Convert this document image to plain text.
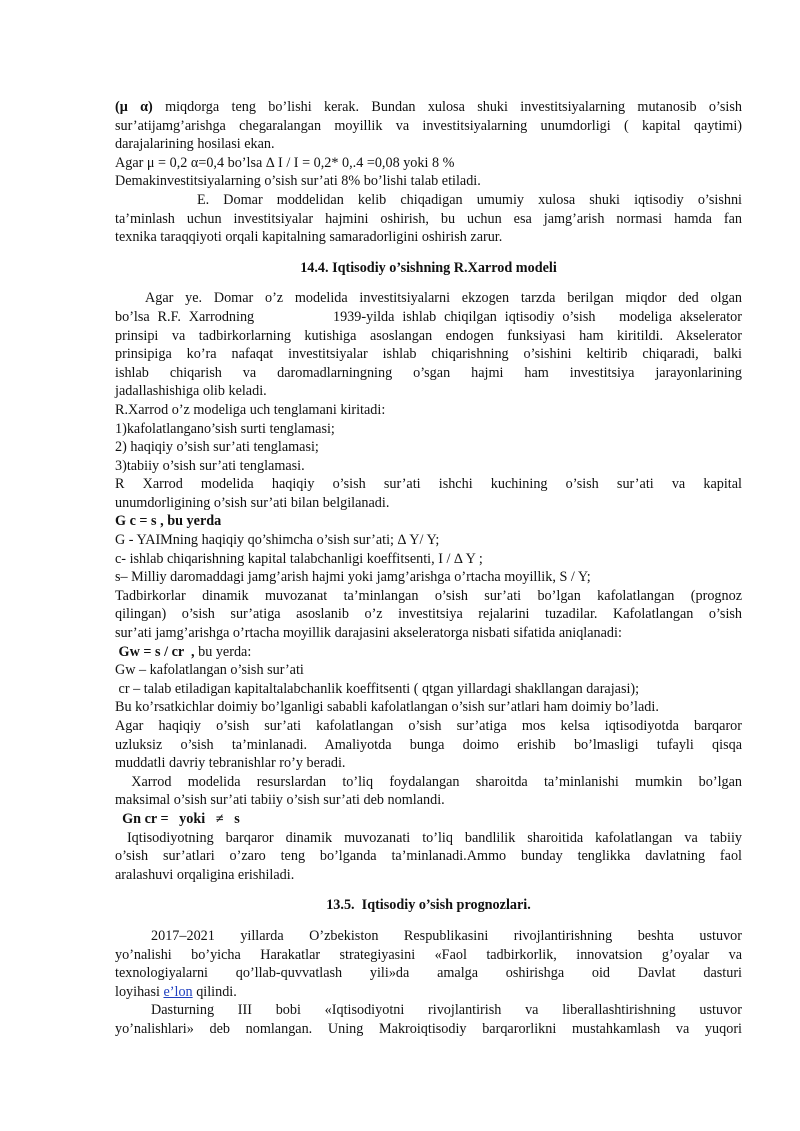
(μ α) miqdorga teng bo’lishi kerak. Bundan xulosa shuki investitsiyalarning mutanosib o’sish

sur’atijamg’arishga chegaralangan moyillik va investitsiyalarning unumdorligi ( kapital qaytimi)

darajalarining hosilasi ekan.

Agar μ = 0,2 α=0,4 bo’lsa ∆ I / I = 0,2* 0,.4 =0,08 yoki 8 %

Demakinvestitsiyalarning o’sish sur’ati 8% bo’lishi talab etiladi.

E. Domar moddelidan kelib chiqadigan umumiy xulosa shuki iqtisodiy o’sishni

ta’minlash uchun investitsiyalar hajmini oshirish, bu uchun esa jamg’arish normasi hamda fan

texnika taraqqiyoti orqali kapitalning samaradorligini oshirish zarur.

14.4. Iqtisodiy o’sishning R.Xarrod modeli

Agar ye. Domar o’z modelida investitsiyalarni ekzogen tarzda berilgan miqdor ded olgan

bo’lsa R.F. Xarrodning          1939-yilda ishlab chiqilgan iqtisodiy o’sish   modeliga akselerator

prinsipi va tadbirkorlarning kutishiga asoslangan endogen funksiyasi ham kiritildi. Akselerator

prinsipiga ko’ra nafaqat investitsiyalar ishlab chiqarishning o’sishini keltirib chiqaradi, balki

ishlab chiqarish va daromadlarningning o’sgan hajmi ham investitsiya jarayonlarining

jadallashishiga olib keladi.

R.Xarrod o’z modeliga uch tenglamani kiritadi:

1)kafolatlangano’sish surti tenglamasi;

2) haqiqiy o’sish sur’ati tenglamasi;

3)tabiiy o’sish sur’ati tenglamasi.

R Xarrod modelida haqiqiy o’sish sur’ati ishchi kuchining o’sish sur’ati va kapital

unumdorligining o’sish sur’ati bilan belgilanadi.

G c = s , bu yerda

G - YAIMning haqiqiy qo’shimcha o’sish sur’ati; ∆ Y/ Y;

c- ishlab chiqarishning kapital talabchanligi koeffitsenti, I / ∆ Y ;

s– Milliy daromaddagi jamg’arish hajmi yoki jamg’arishga o’rtacha moyillik, S / Y;

Tadbirkorlar dinamik muvozanat ta’minlangan o’sish sur’ati bo’lgan kafolatlangan (prognoz

qilingan) o’sish sur’atiga asoslanib o’z investitsiya rejalarini tuzadilar. Kafolatlangan o’sish

sur’ati jamg’arishga o’rtacha moyillik darajasini akseleratorga nisbati sifatida aniqlanadi:

Gw = s / cr  , bu yerda:

Gw – kafolatlangan o’sish sur’ati

cr – talab etiladigan kapitaltalabchanlik koeffitsenti ( qtgan yillardagi shakllangan darajasi);

Bu ko’rsatkichlar doimiy bo’lganligi sababli kafolatlangan o’sish sur’atlari ham doimiy bo’ladi.

Agar haqiqiy o’sish sur’ati kafolatlangan o’sish sur’atiga mos kelsa iqtisodiyotda barqaror

uzluksiz o’sish ta’minlanadi. Amaliyotda bunga doimo erishib bo’lmasligi tufayli qisqa

muddatli davriy tebranishlar ro’y beradi.

Xarrod  modelida  resurslardan  to’liq  foydalangan  sharoitda  ta’minlanishi  mumkin  bo’lgan

maksimal o’sish sur’ati tabiiy o’sish sur’ati deb nomlandi.

Gn cr =   yoki   ≠   s

Iqtisodiyotning barqaror dinamik muvozanati to’liq bandlilik sharoitida kafolatlangan va tabiiy

o’sish sur’atlari o’zaro teng bo’lganda ta’minlanadi.Ammo bunday tenglikka davlatning faol

aralashuvi orqaligina erishiladi.

13.5.  Iqtisodiy o’sish prognozlari.

2017–2021 yillarda O’zbekiston Respublikasini rivojlantirishning beshta ustuvor

yo’nalishi bo’yicha Harakatlar strategiyasini «Faol tadbirkorlik, innovatsion g’oyalar va

texnologiyalarni qo’llab-quvvatlash yili»da amalga oshirishga oid Davlat dasturi

loyihasi e’lon qilindi.

Dasturning III bobi «Iqtisodiyotni rivojlantirish va liberallashtirishning ustuvor

yo’nalishlari» deb nomlangan. Uning Makroiqtisodiy barqarorlikni mustahkamlash va yuqori
